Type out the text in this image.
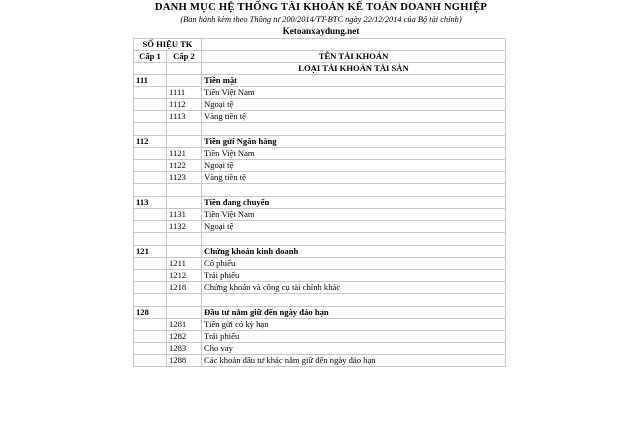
DANH MỤC HỆ THỐNG TÀI KHOẢN KẾ TOÁN DOANH NGHIỆP
(Ban hành kèm theo Thông tư 200/2014/TT-BTC ngày 22/12/2014 của Bộ tài chính)
Ketoanxaydung.net
SỐ HIỆU TK		
Cấp 1	Cấp 2	TÊN TÀI KHOẢN
		LOẠI TÀI KHOẢN TÀI SẢN
111		Tiền mặt
	1111	Tiền Việt Nam
	1112	Ngoại tệ
	1113	Vàng tiền tệ

112		Tiền gửi Ngân hàng
	1121	Tiền Việt Nam
	1122	Ngoại tệ
	1123	Vàng tiền tệ

113		Tiền đang chuyển
	1131	Tiền Việt Nam
	1132	Ngoại tệ

121		Chứng khoán kinh doanh
	1211	Cổ phiếu
	1212	Trái phiếu
	1218	Chứng khoán và công cụ tài chính khác

128		Đầu tư nắm giữ đến ngày đáo hạn
	1281	Tiền gửi có kỳ hạn
	1282	Trái phiếu
	1283	Cho vay
	1288	Các khoản đầu tư khác nắm giữ đến ngày đáo hạn
